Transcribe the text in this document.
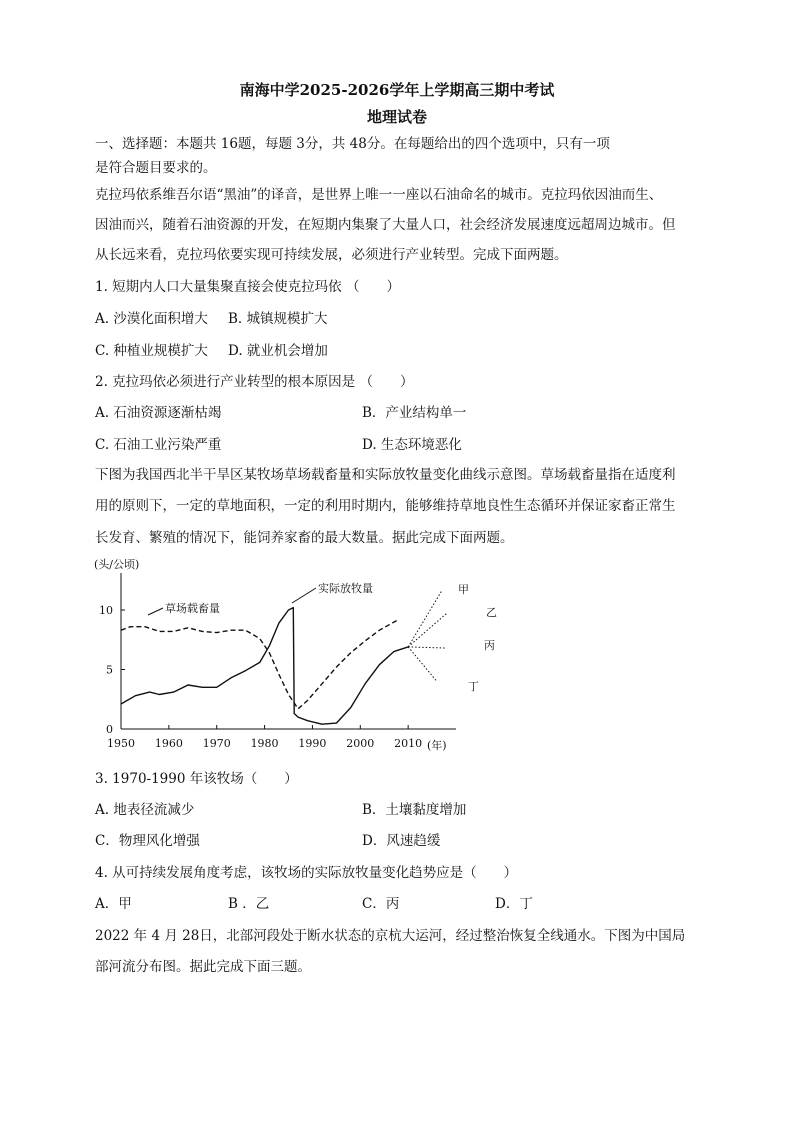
南海中学2025-2026学年上学期高三期中考试
地理试卷
一、选择题：本题共 16题，每题 3分，共 48分。在每题给出的四个选项中，只有一项
是符合题目要求的。
克拉玛依系维吾尔语“黑油”的译音，是世界上唯一一座以石油命名的城市。克拉玛依因油而生、
因油而兴，随着石油资源的开发，在短期内集聚了大量人口，社会经济发展速度远超周边城市。但
从长远来看，克拉玛依要实现可持续发展，必须进行产业转型。完成下面两题。
1. 短期内人口大量集聚直接会使克拉玛依 （　　）
A. 沙漠化面积增大 B. 城镇规模扩大
C. 种植业规模扩大 D. 就业机会增加
2. 克拉玛依必须进行产业转型的根本原因是 （　　）
A. 石油资源逐渐枯竭	B．产业结构单一
C. 石油工业污染严重	D. 生态环境恶化
下图为我国西北半干旱区某牧场草场载畜量和实际放牧量变化曲线示意图。草场载畜量指在适度利
用的原则下，一定的草地面积，一定的利用时期内，能够维持草地良性生态循环并保证家畜正常生
长发育、繁殖的情况下，能饲养家畜的最大数量。据此完成下面两题。
1950 1960 1970 1980 1990 2000 2010
0
5
10
(头/公顷)
(年)
草场载畜量
实际放牧量	甲
乙
丙
丁
3. 1970-1990 年该牧场（　　）
A. 地表径流减少	B．土壤黏度增加
C．物理风化增强	D．风速趋缓
4. 从可持续发展角度考虑，该牧场的实际放牧量变化趋势应是（　　）
A．甲	B ．乙	C．丙	D．丁
2022 年 4 月 28日，北部河段处于断水状态的京杭大运河，经过整治恢复全线通水。下图为中国局
部河流分布图。据此完成下面三题。
